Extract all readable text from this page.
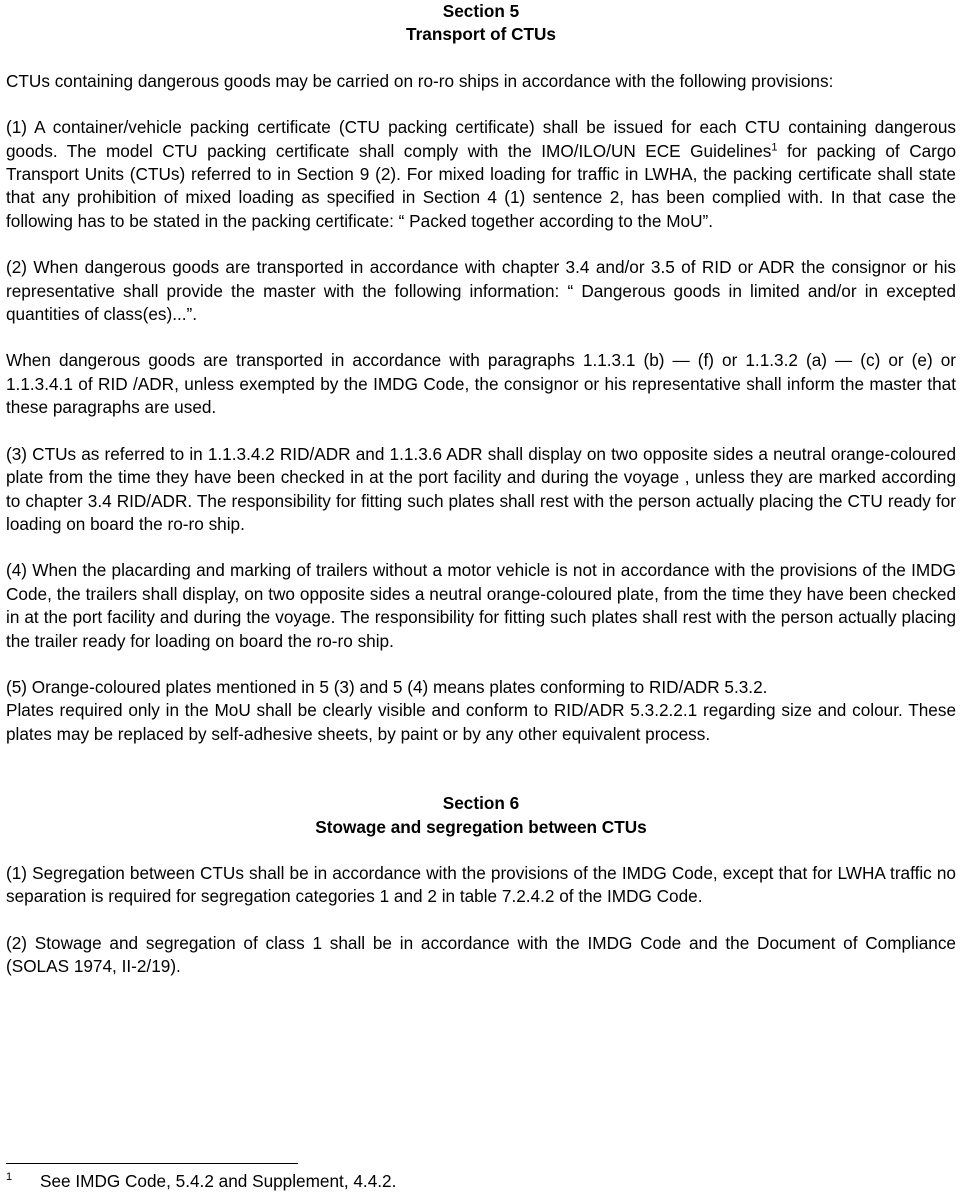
Section 5

Transport of CTUs

CTUs containing dangerous goods may be carried on ro-ro ships in accordance with the following provisions:

(1) A container/vehicle packing certificate (CTU packing certificate) shall be issued for each CTU containing dangerous goods. The model CTU packing certificate shall comply with the IMO/ILO/UN ECE Guidelines$^1$ for packing of Cargo Transport Units (CTUs) referred to in Section 9 (2). For mixed loading for traffic in LWHA, the packing certificate shall state that any prohibition of mixed loading as specified in Section 4 (1) sentence 2, has been complied with. In that case the following has to be stated in the packing certificate: “ Packed together according to the MoU”.

(2) When dangerous goods are transported in accordance with chapter 3.4 and/or 3.5 of RID or ADR the consignor or his representative shall provide the master with the following information: “ Dangerous goods in limited and/or in excepted quantities of class(es)...”.

When dangerous goods are transported in accordance with paragraphs 1.1.3.1 (b) — (f) or 1.1.3.2 (a) — (c) or (e) or 1.1.3.4.1 of RID /ADR, unless exempted by the IMDG Code, the consignor or his representative shall inform the master that these paragraphs are used.

(3) CTUs as referred to in 1.1.3.4.2 RID/ADR and 1.1.3.6 ADR shall display on two opposite sides a neutral orange-coloured plate from the time they have been checked in at the port facility and during the voyage , unless they are marked according to chapter 3.4 RID/ADR. The responsibility for fitting such plates shall rest with the person actually placing the CTU ready for loading on board the ro-ro ship.

(4) When the placarding and marking of trailers without a motor vehicle is not in accordance with the provisions of the IMDG Code, the trailers shall display, on two opposite sides a neutral orange-coloured plate, from the time they have been checked in at the port facility and during the voyage. The responsibility for fitting such plates shall rest with the person actually placing the trailer ready for loading on board the ro-ro ship.

(5) Orange-coloured plates mentioned in 5 (3) and 5 (4) means plates conforming to RID/ADR 5.3.2.

Plates required only in the MoU shall be clearly visible and conform to RID/ADR 5.3.2.2.1 regarding size and colour. These plates may be replaced by self-adhesive sheets, by paint or by any other equivalent process.

Section 6

Stowage and segregation between CTUs

(1) Segregation between CTUs shall be in accordance with the provisions of the IMDG Code, except that for LWHA traffic no separation is required for segregation categories 1 and 2 in table 7.2.4.2 of the IMDG Code.

(2) Stowage and segregation of class 1 shall be in accordance with the IMDG Code and the Document of Compliance (SOLAS 1974, II-2/19).

1 See IMDG Code, 5.4.2 and Supplement, 4.4.2.
